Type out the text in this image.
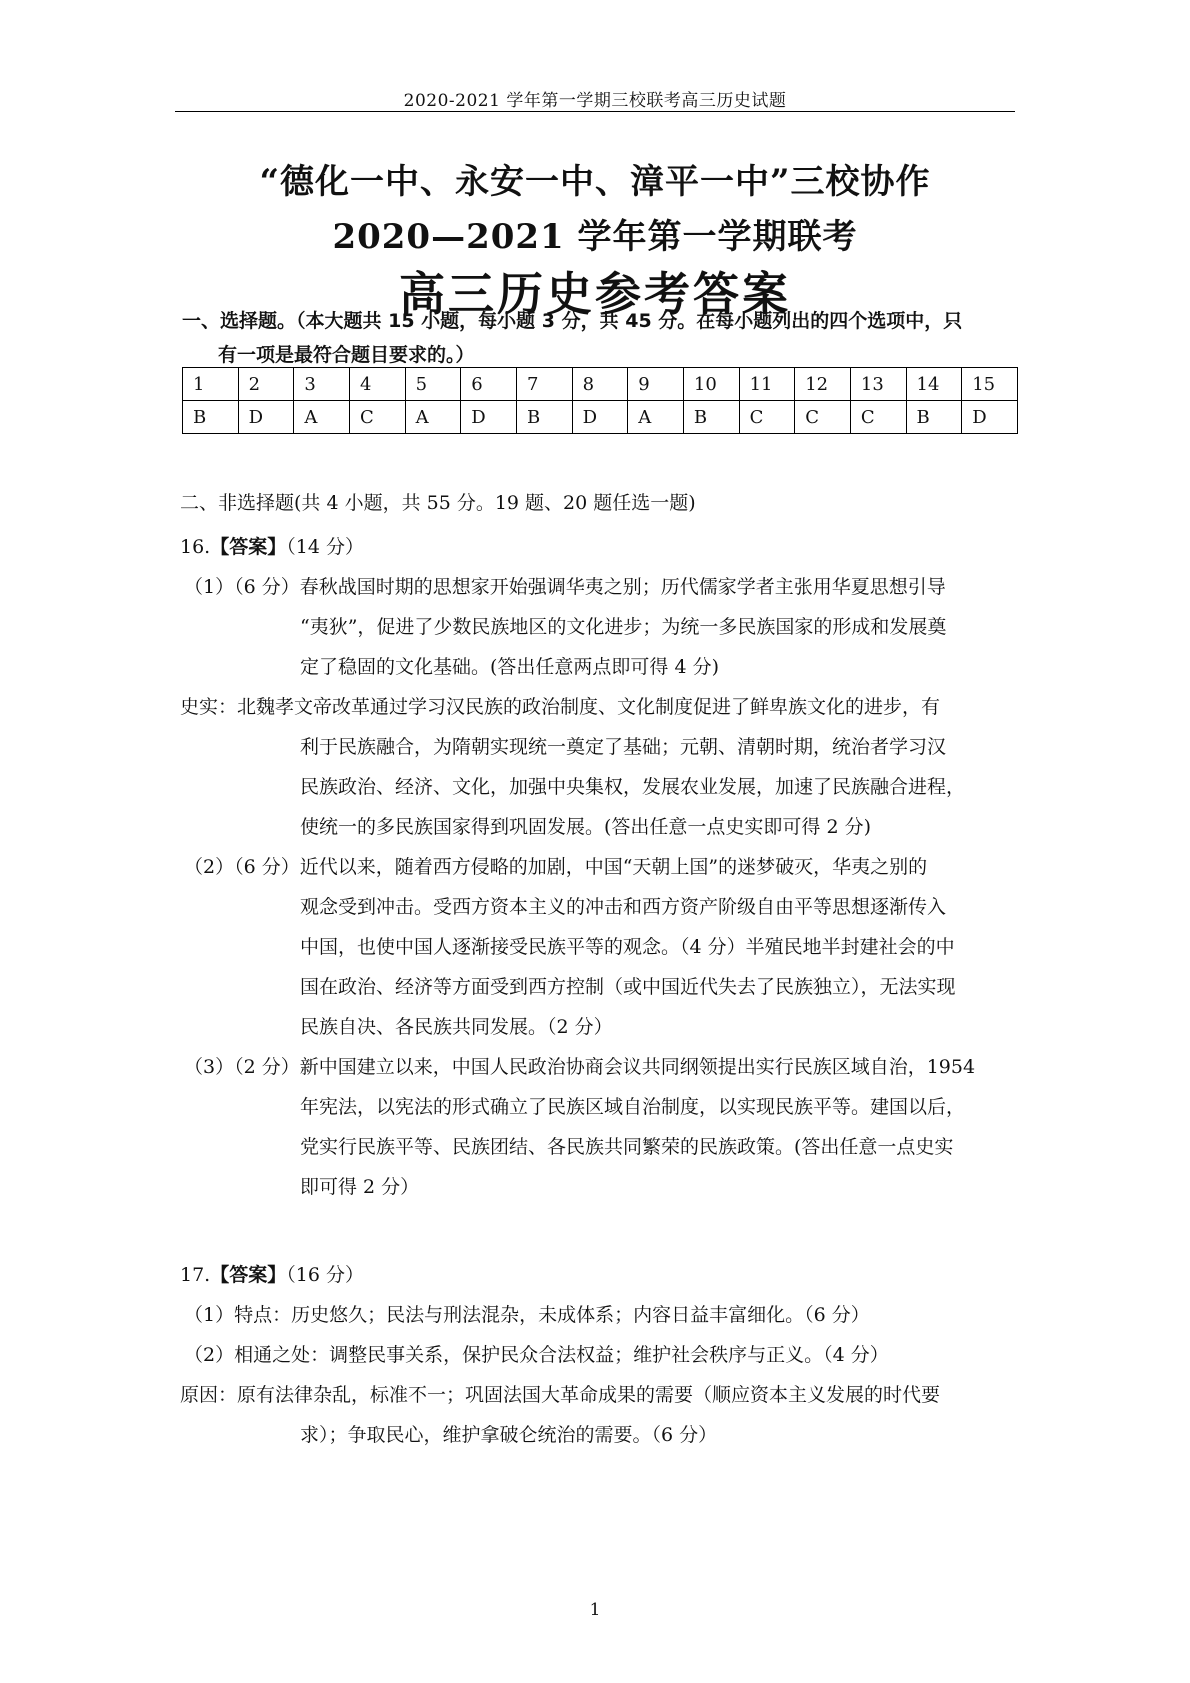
2020-2021 学年第一学期三校联考高三历史试题
“德化一中、永安一中、漳平一中”三校协作
2020—2021 学年第一学期联考
高三历史参考答案
一、选择题。（本大题共 15 小题，每小题 3 分，共 45 分。在每小题列出的四个选项中，只
有一项是最符合题目要求的。）
1	2	3	4	5	6	7	8	9	10	11	12	13	14	15
B	D	A	C	A	D	B	D	A	B	C	C	C	B	D
二、非选择题(共 4 小题，共 55 分。19 题、20 题任选一题)
16.【答案】（14 分）
（1）（6 分）春秋战国时期的思想家开始强调华夷之别；历代儒家学者主张用华夏思想引导
“夷狄”，促进了少数民族地区的文化进步；为统一多民族国家的形成和发展奠
定了稳固的文化基础。(答出任意两点即可得 4 分)
史实：北魏孝文帝改革通过学习汉民族的政治制度、文化制度促进了鲜卑族文化的进步，有
利于民族融合，为隋朝实现统一奠定了基础；元朝、清朝时期，统治者学习汉
民族政治、经济、文化，加强中央集权，发展农业发展，加速了民族融合进程，
使统一的多民族国家得到巩固发展。(答出任意一点史实即可得 2 分)
（2）（6 分）近代以来，随着西方侵略的加剧，中国“天朝上国”的迷梦破灭，华夷之别的
观念受到冲击。受西方资本主义的冲击和西方资产阶级自由平等思想逐渐传入
中国，也使中国人逐渐接受民族平等的观念。（4 分）半殖民地半封建社会的中
国在政治、经济等方面受到西方控制（或中国近代失去了民族独立），无法实现
民族自决、各民族共同发展。（2 分）
（3）（2 分）新中国建立以来，中国人民政治协商会议共同纲领提出实行民族区域自治，1954
年宪法，以宪法的形式确立了民族区域自治制度，以实现民族平等。建国以后，
党实行民族平等、民族团结、各民族共同繁荣的民族政策。(答出任意一点史实
即可得 2 分）
17.【答案】（16 分）
（1）特点：历史悠久；民法与刑法混杂，未成体系；内容日益丰富细化。（6 分）
（2）相通之处：调整民事关系，保护民众合法权益；维护社会秩序与正义。（4 分）
原因：原有法律杂乱，标准不一；巩固法国大革命成果的需要（顺应资本主义发展的时代要
求）；争取民心，维护拿破仑统治的需要。（6 分）
1
